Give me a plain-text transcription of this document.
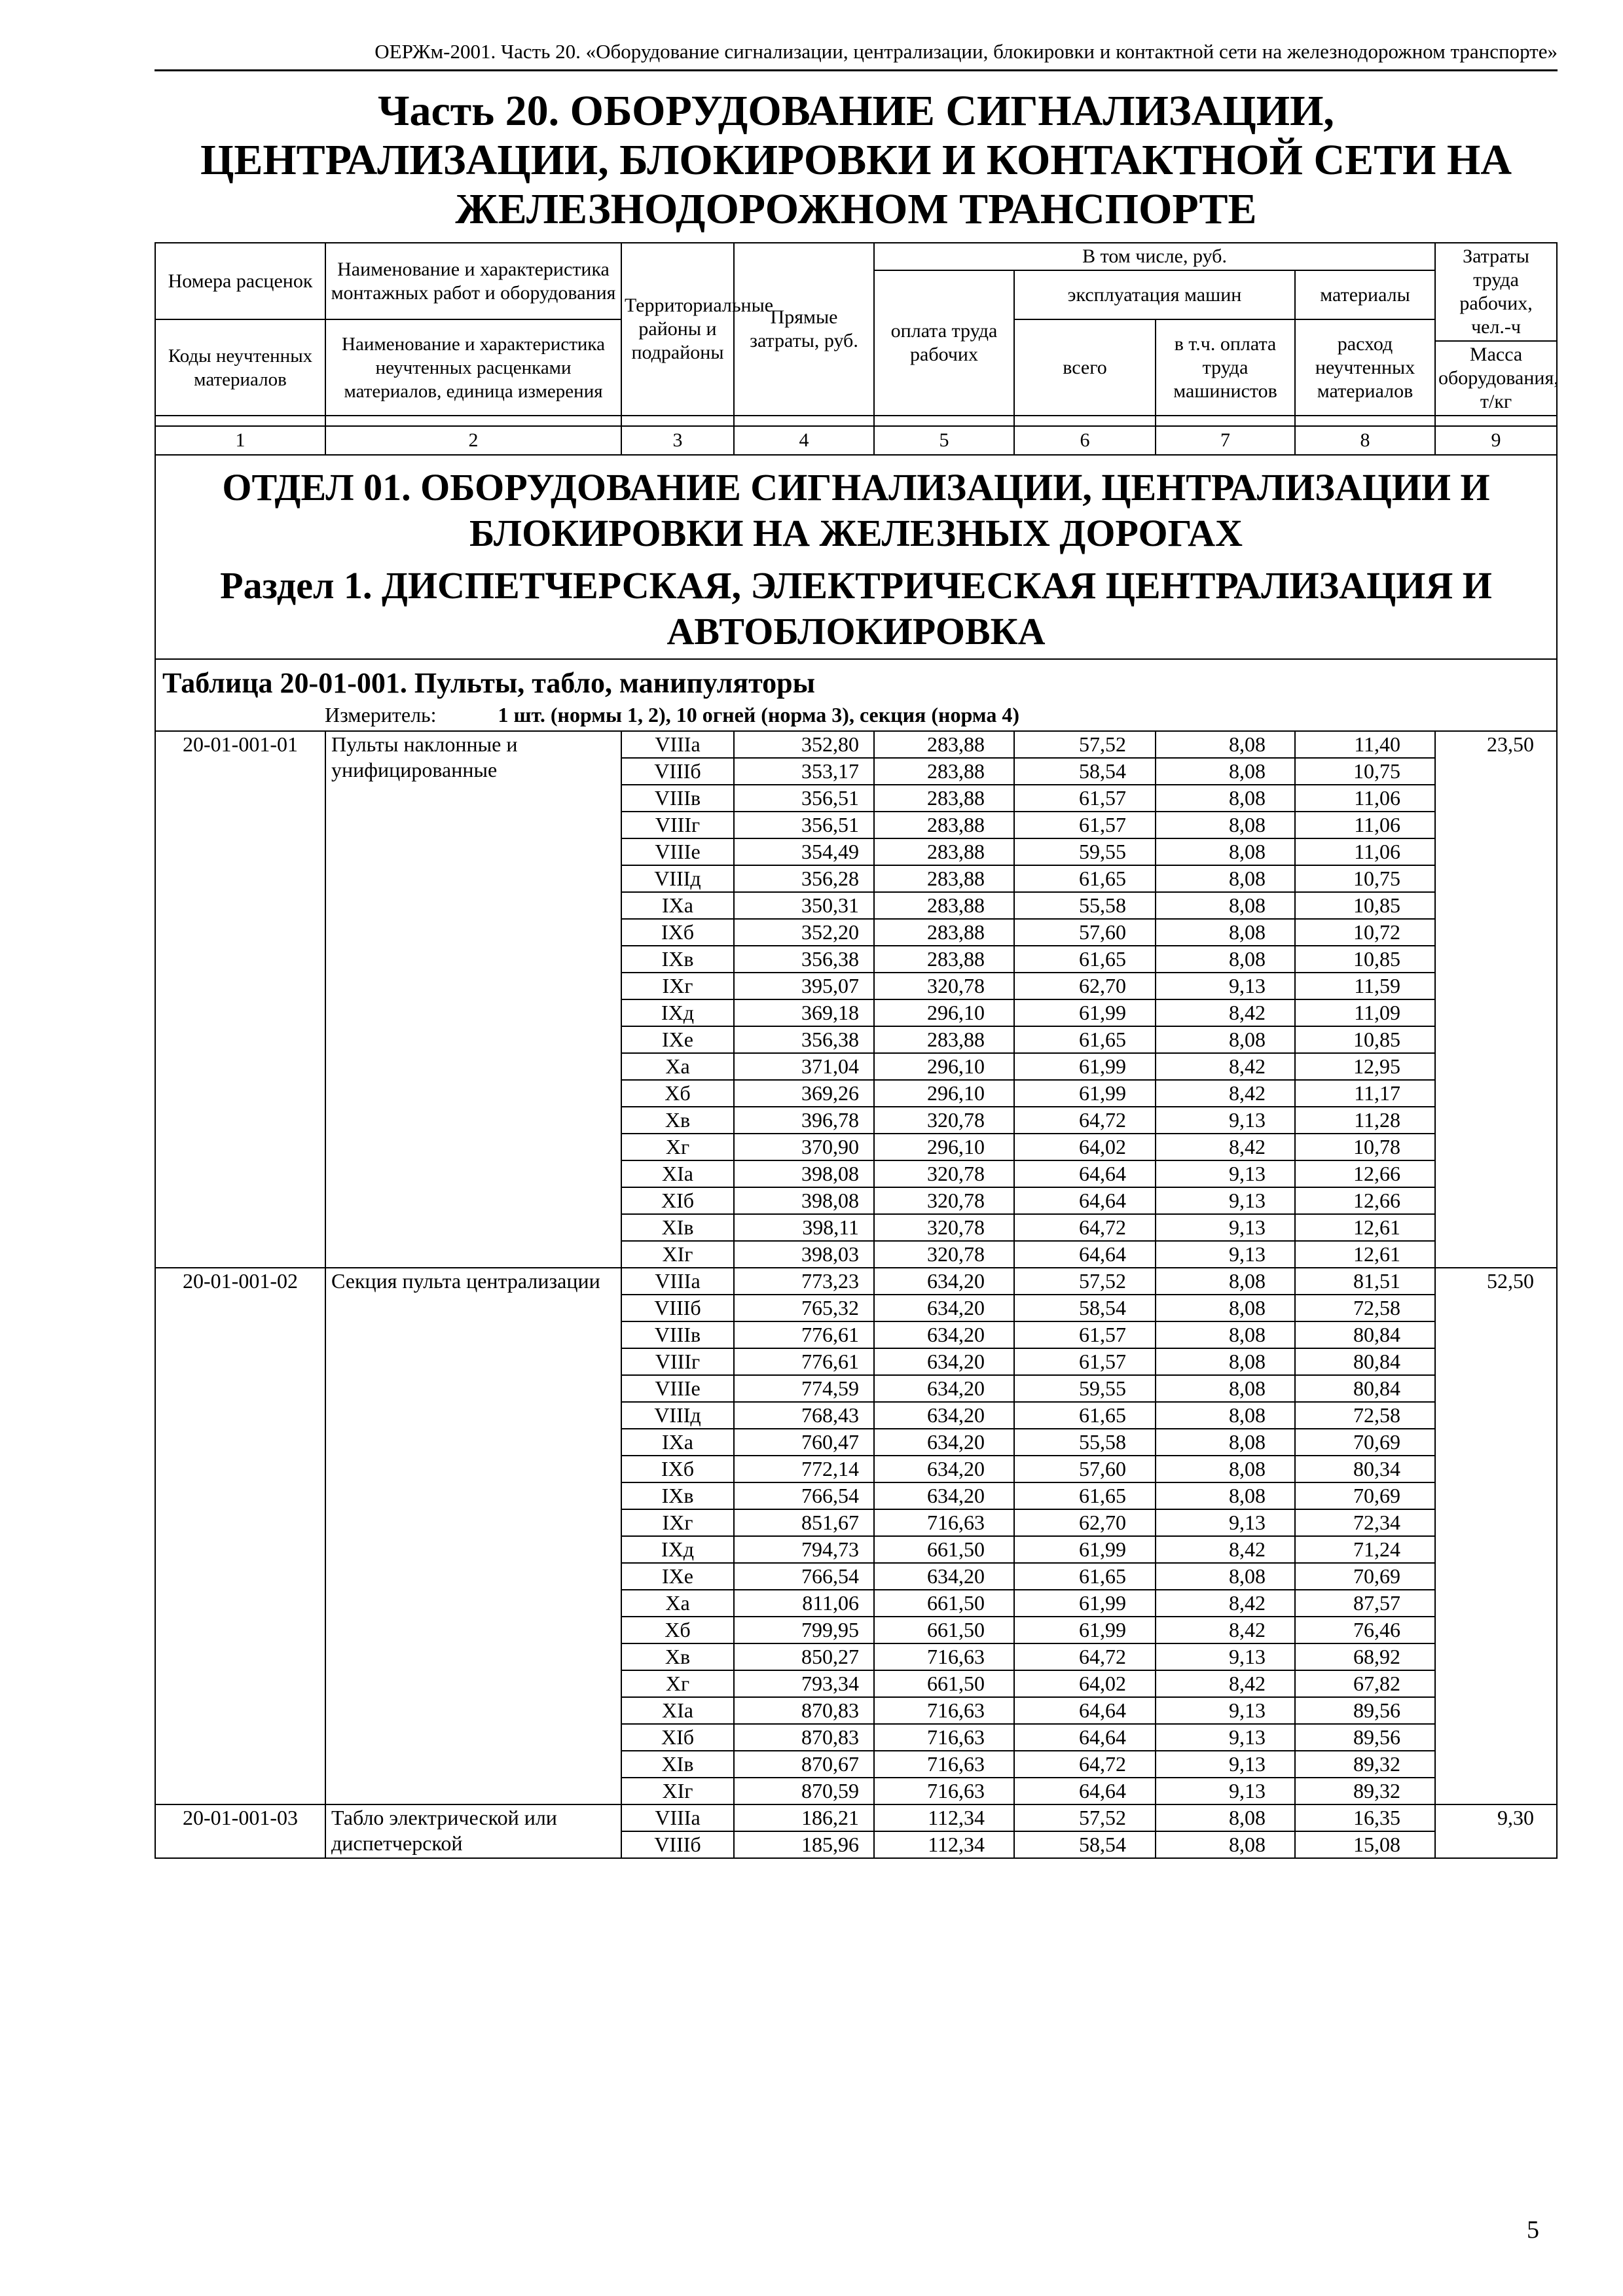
ОЕРЖм-2001. Часть 20. «Оборудование сигнализации, централизации, блокировки и контактной сети на железнодорожном транспорте»
Часть 20. ОБОРУДОВАНИЕ СИГНАЛИЗАЦИИ,
ЦЕНТРАЛИЗАЦИИ, БЛОКИРОВКИ И КОНТАКТНОЙ СЕТИ НА
ЖЕЛЕЗНОДОРОЖНОМ ТРАНСПОРТЕ
Номера расценок	Наименование и характеристика монтажных работ и оборудования	Территориальные районы и подрайоны	Прямые затраты, руб.	В том числе, руб.				Затраты труда рабочих, чел.-ч
				оплата труда рабочих	эксплуатация машин		материалы	
Коды неучтенных материалов	Наименование и характеристика неучтенных расценками материалов, единица измерения				всего	в т.ч. оплата труда машинистов	расход неучтенных материалов	
								Масса оборудования, т/кг

1	2	3	4	5	6	7	8	9

ОТДЕЛ 01. ОБОРУДОВАНИЕ СИГНАЛИЗАЦИИ, ЦЕНТРАЛИЗАЦИИ И
БЛОКИРОВКИ НА ЖЕЛЕЗНЫХ ДОРОГАХ
Раздел 1. ДИСПЕТЧЕРСКАЯ, ЭЛЕКТРИЧЕСКАЯ ЦЕНТРАЛИЗАЦИЯ И
АВТОБЛОКИРОВКА								

Таблица 20-01-001. Пульты, табло, манипуляторы								
Измеритель: 1 шт. (нормы 1, 2), 10 огней (норма 3), секция (норма 4)								
20-01-001-01	Пульты наклонные и унифицированные	VIIIа	352,80	283,88	57,52	8,08	11,40	23,50
		VIIIб	353,17	283,88	58,54	8,08	10,75	
		VIIIв	356,51	283,88	61,57	8,08	11,06	
		VIIIг	356,51	283,88	61,57	8,08	11,06	
		VIIIе	354,49	283,88	59,55	8,08	11,06	
		VIIIд	356,28	283,88	61,65	8,08	10,75	
		IXа	350,31	283,88	55,58	8,08	10,85	
		IXб	352,20	283,88	57,60	8,08	10,72	
		IXв	356,38	283,88	61,65	8,08	10,85	
		IXг	395,07	320,78	62,70	9,13	11,59	
		IXд	369,18	296,10	61,99	8,42	11,09	
		IXе	356,38	283,88	61,65	8,08	10,85	
		Xа	371,04	296,10	61,99	8,42	12,95	
		Xб	369,26	296,10	61,99	8,42	11,17	
		Xв	396,78	320,78	64,72	9,13	11,28	
		Xг	370,90	296,10	64,02	8,42	10,78	
		XIа	398,08	320,78	64,64	9,13	12,66	
		XIб	398,08	320,78	64,64	9,13	12,66	
		XIв	398,11	320,78	64,72	9,13	12,61	
		XIг	398,03	320,78	64,64	9,13	12,61	
20-01-001-02	Секция пульта централизации	VIIIа	773,23	634,20	57,52	8,08	81,51	52,50
		VIIIб	765,32	634,20	58,54	8,08	72,58	
		VIIIв	776,61	634,20	61,57	8,08	80,84	
		VIIIг	776,61	634,20	61,57	8,08	80,84	
		VIIIе	774,59	634,20	59,55	8,08	80,84	
		VIIIд	768,43	634,20	61,65	8,08	72,58	
		IXа	760,47	634,20	55,58	8,08	70,69	
		IXб	772,14	634,20	57,60	8,08	80,34	
		IXв	766,54	634,20	61,65	8,08	70,69	
		IXг	851,67	716,63	62,70	9,13	72,34	
		IXд	794,73	661,50	61,99	8,42	71,24	
		IXе	766,54	634,20	61,65	8,08	70,69	
		Xа	811,06	661,50	61,99	8,42	87,57	
		Xб	799,95	661,50	61,99	8,42	76,46	
		Xв	850,27	716,63	64,72	9,13	68,92	
		Xг	793,34	661,50	64,02	8,42	67,82	
		XIа	870,83	716,63	64,64	9,13	89,56	
		XIб	870,83	716,63	64,64	9,13	89,56	
		XIв	870,67	716,63	64,72	9,13	89,32	
		XIг	870,59	716,63	64,64	9,13	89,32	
20-01-001-03	Табло электрической или диспетчерской	VIIIа	186,21	112,34	57,52	8,08	16,35	9,30
		VIIIб	185,96	112,34	58,54	8,08	15,08	
5
